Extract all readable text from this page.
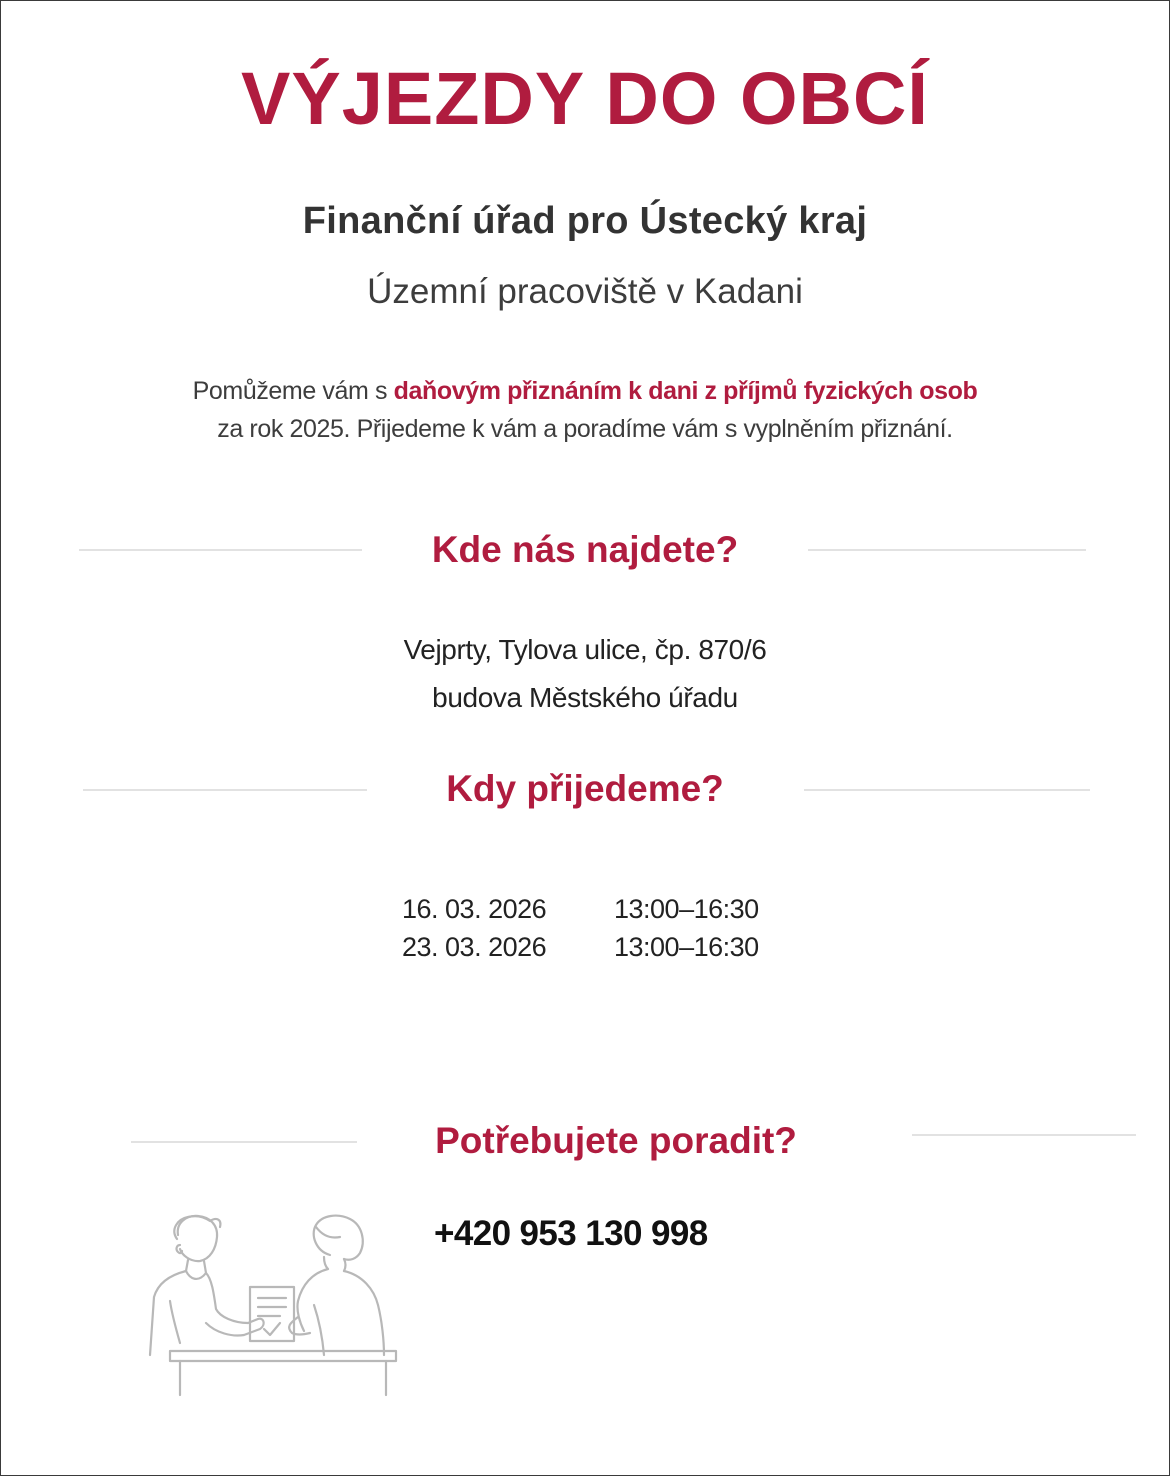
VÝJEZDY DO OBCÍ
Finanční úřad pro Ústecký kraj
Územní pracoviště v Kadani
Pomůžeme vám s daňovým přiznáním k dani z příjmů fyzických osob
za rok 2025. Přijedeme k vám a poradíme vám s vyplněním přiznání.
Kde nás najdete?
Vejprty, Tylova ulice, čp. 870/6
budova Městského úřadu
Kdy přijedeme?
16. 03. 2026	13:00–16:30
23. 03. 2026	13:00–16:30
Potřebujete poradit?
+420 953 130 998
